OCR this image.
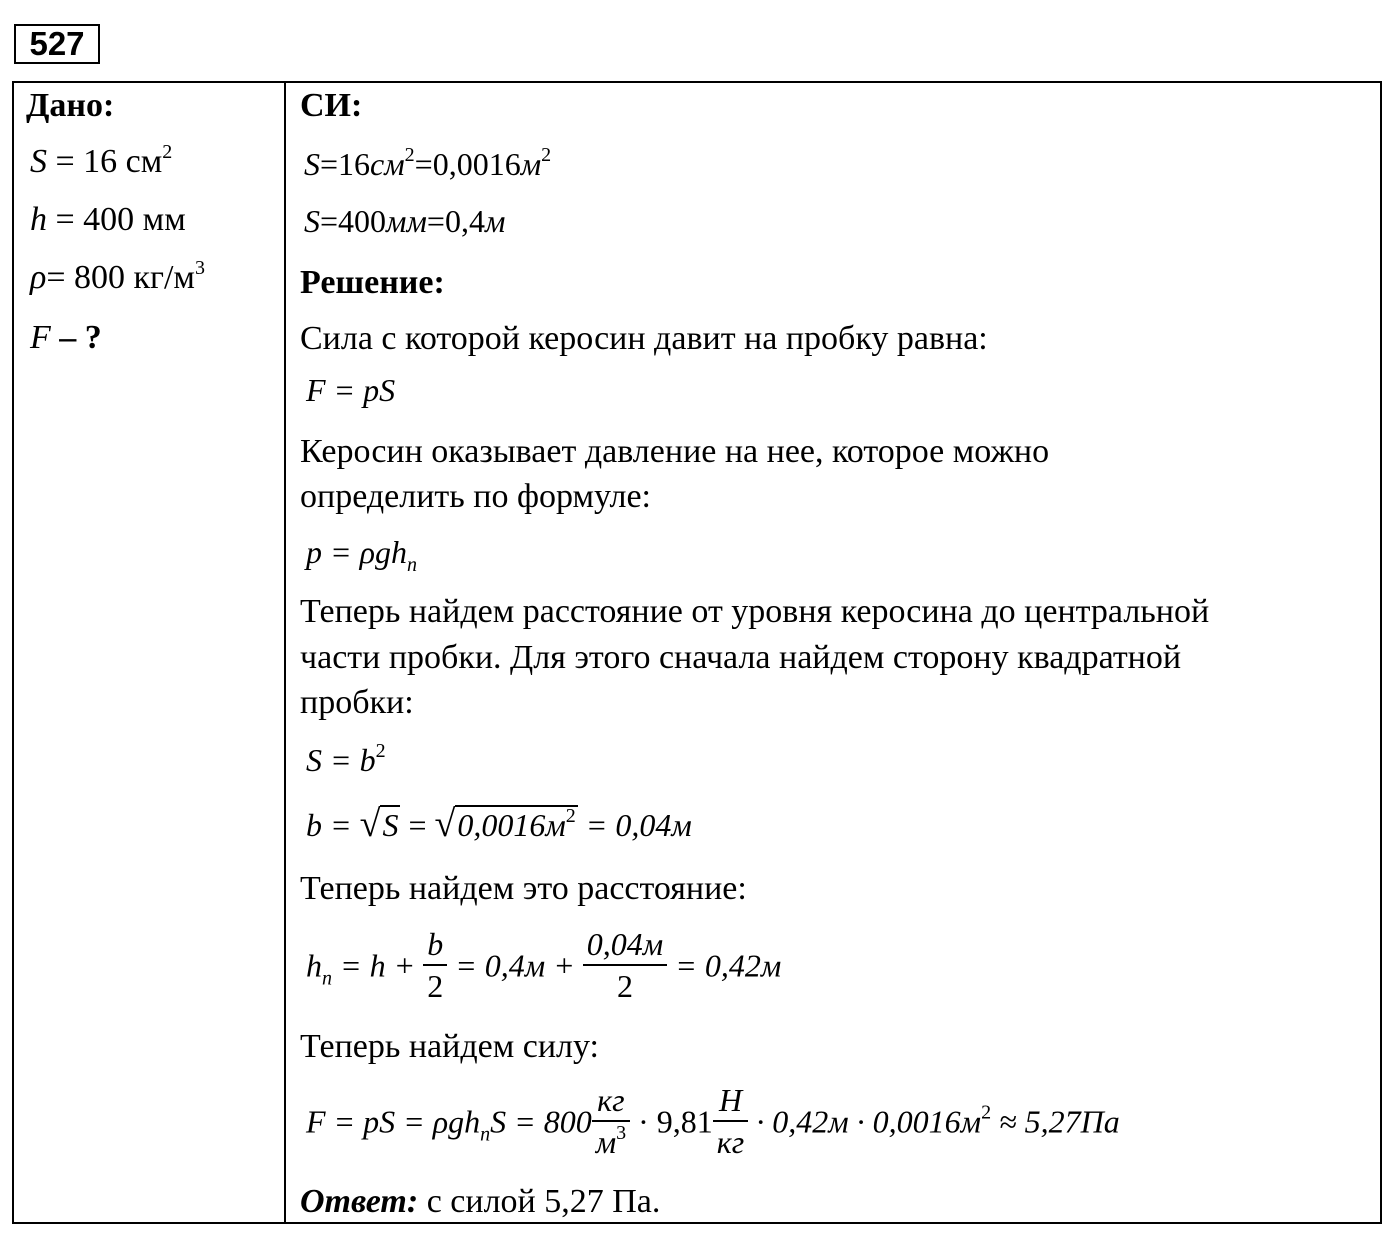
527
Дано:
S = 16 $см^2$
h = 400 мм
ρ= 800 $кг/м^3$
F – ?
СИ:
$S=16см^2=0,0016м^2$
S=400мм=0,4м
Решение:
Сила с которой керосин давит на пробку равна:
F = pS
Керосин оказывает давление на нее, которое можно
определить по формуле:
p = ρgh$_n$
Теперь найдем расстояние от уровня керосина до центральной
части пробки. Для этого сначала найдем сторону квадратной
пробки:
$S = b^2$
$b = √S = √0,0016м^2 = 0,04м$
Теперь найдем это расстояние:
$h_n = h + \frac{b}{2} = 0,4м + \frac{0,04м}{2} = 0,42м$
Теперь найдем силу:
F = pS = $\rho gh_nS = 800 \frac{кг}{м^3} \cdot 9,81 \frac{H}{кг} \cdot 0,42м \cdot 0,0016м^2 \approx 5,27Па$
Ответ: с силой 5,27 Па.
